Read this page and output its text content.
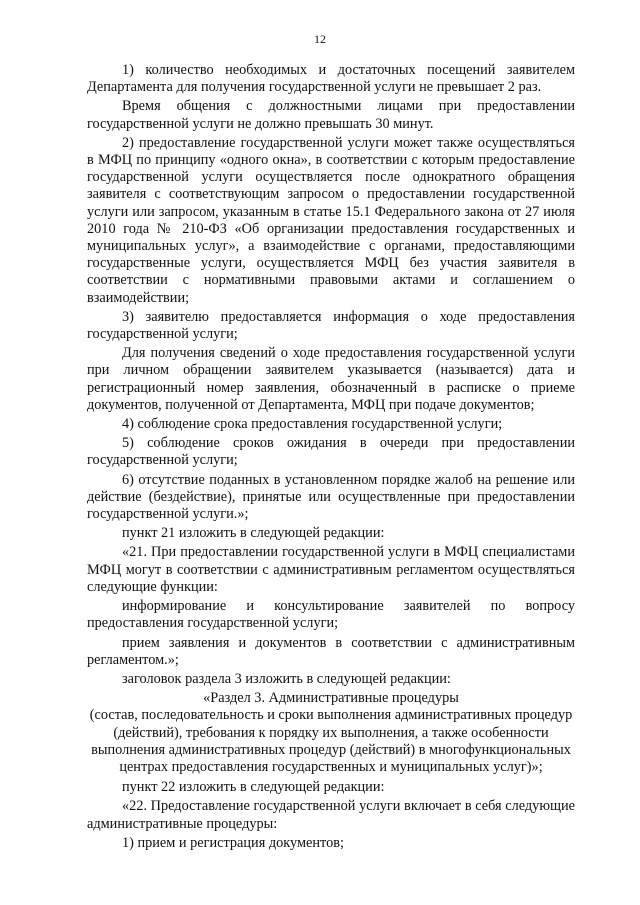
12

1) количество необходимых и достаточных посещений заявителем Департамента для получения государственной услуги не превышает 2 раз.

Время общения с должностными лицами при предоставлении государственной услуги не должно превышать 30 минут.

2) предоставление государственной услуги может также осуществляться в МФЦ по принципу «одного окна», в соответствии с которым предоставление государственной услуги осуществляется после однократного обращения заявителя с соответствующим запросом о предоставлении государственной услуги или запросом, указанным в статье 15.1 Федерального закона от 27 июля 2010 года № 210-ФЗ «Об организации предоставления государственных и муниципальных услуг», а взаимодействие с органами, предоставляющими государственные услуги, осуществляется МФЦ без участия заявителя в соответствии с нормативными правовыми актами и соглашением о взаимодействии;

3) заявителю предоставляется информация о ходе предоставления государственной услуги;

Для получения сведений о ходе предоставления государственной услуги при личном обращении заявителем указывается (называется) дата и регистрационный номер заявления, обозначенный в расписке о приеме документов, полученной от Департамента, МФЦ при подаче документов;

4) соблюдение срока предоставления государственной услуги;

5) соблюдение сроков ожидания в очереди при предоставлении государственной услуги;

6) отсутствие поданных в установленном порядке жалоб на решение или действие (бездействие), принятые или осуществленные при предоставлении государственной услуги.»;

пункт 21 изложить в следующей редакции:

«21. При предоставлении государственной услуги в МФЦ специалистами МФЦ могут в соответствии с административным регламентом осуществляться следующие функции:

информирование и консультирование заявителей по вопросу предоставления государственной услуги;

прием заявления и документов в соответствии с административным регламентом.»;

заголовок раздела 3 изложить в следующей редакции:

«Раздел 3. Административные процедуры

(состав, последовательность и сроки выполнения административных процедур (действий), требования к порядку их выполнения, а также особенности выполнения административных процедур (действий) в многофункциональных центрах предоставления государственных и муниципальных услуг)»;

пункт 22 изложить в следующей редакции:

«22. Предоставление государственной услуги включает в себя следующие административные процедуры:

1) прием и регистрация документов;
